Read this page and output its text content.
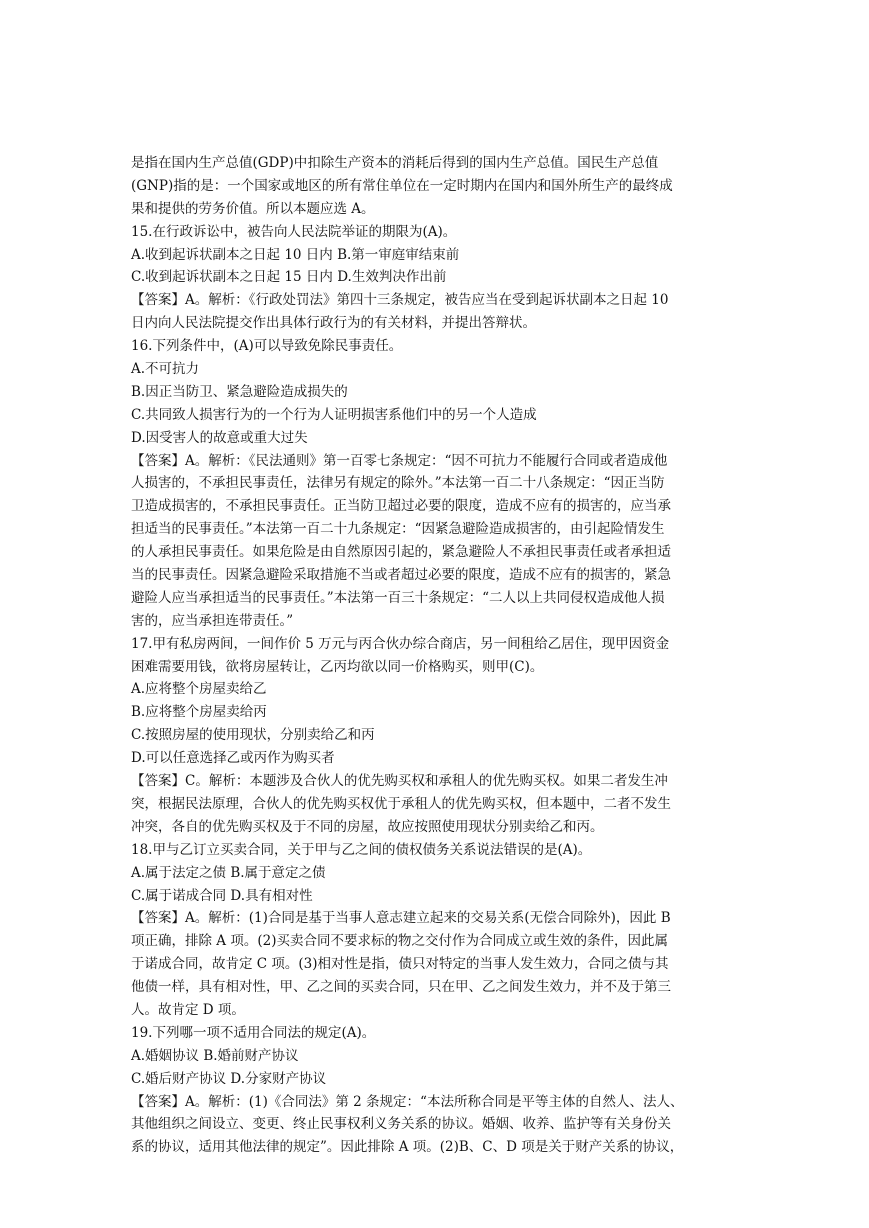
是指在国内生产总值(GDP)中扣除生产资本的消耗后得到的国内生产总值。国民生产总值
(GNP)指的是：一个国家或地区的所有常住单位在一定时期内在国内和国外所生产的最终成
果和提供的劳务价值。所以本题应选 A。
15.在行政诉讼中，被告向人民法院举证的期限为(A)。
A.收到起诉状副本之日起 10 日内 B.第一审庭审结束前
C.收到起诉状副本之日起 15 日内 D.生效判决作出前
【答案】A。解析：《行政处罚法》第四十三条规定，被告应当在受到起诉状副本之日起 10
日内向人民法院提交作出具体行政行为的有关材料，并提出答辩状。
16.下列条件中，(A)可以导致免除民事责任。
A.不可抗力
B.因正当防卫、紧急避险造成损失的
C.共同致人损害行为的一个行为人证明损害系他们中的另一个人造成
D.因受害人的故意或重大过失
【答案】A。解析：《民法通则》第一百零七条规定：“因不可抗力不能履行合同或者造成他
人损害的，不承担民事责任，法律另有规定的除外。”本法第一百二十八条规定：“因正当防
卫造成损害的，不承担民事责任。正当防卫超过必要的限度，造成不应有的损害的，应当承
担适当的民事责任。”本法第一百二十九条规定：“因紧急避险造成损害的，由引起险情发生
的人承担民事责任。如果危险是由自然原因引起的，紧急避险人不承担民事责任或者承担适
当的民事责任。因紧急避险采取措施不当或者超过必要的限度，造成不应有的损害的，紧急
避险人应当承担适当的民事责任。”本法第一百三十条规定：“二人以上共同侵权造成他人损
害的，应当承担连带责任。”
17.甲有私房两间，一间作价 5 万元与丙合伙办综合商店，另一间租给乙居住，现甲因资金
困难需要用钱，欲将房屋转让，乙丙均欲以同一价格购买，则甲(C)。
A.应将整个房屋卖给乙
B.应将整个房屋卖给丙
C.按照房屋的使用现状，分别卖给乙和丙
D.可以任意选择乙或丙作为购买者
【答案】C。解析：本题涉及合伙人的优先购买权和承租人的优先购买权。如果二者发生冲
突，根据民法原理，合伙人的优先购买权优于承租人的优先购买权，但本题中，二者不发生
冲突，各自的优先购买权及于不同的房屋，故应按照使用现状分别卖给乙和丙。
18.甲与乙订立买卖合同，关于甲与乙之间的债权债务关系说法错误的是(A)。
A.属于法定之债 B.属于意定之债
C.属于诺成合同 D.具有相对性
【答案】A。解析：(1)合同是基于当事人意志建立起来的交易关系(无偿合同除外)，因此 B
项正确，排除 A 项。(2)买卖合同不要求标的物之交付作为合同成立或生效的条件，因此属
于诺成合同，故肯定 C 项。(3)相对性是指，债只对特定的当事人发生效力，合同之债与其
他债一样，具有相对性，甲、乙之间的买卖合同，只在甲、乙之间发生效力，并不及于第三
人。故肯定 D 项。
19.下列哪一项不适用合同法的规定(A)。
A.婚姻协议 B.婚前财产协议
C.婚后财产协议 D.分家财产协议
【答案】A。解析：(1)《合同法》第 2 条规定：“本法所称合同是平等主体的自然人、法人、
其他组织之间设立、变更、终止民事权利义务关系的协议。婚姻、收养、监护等有关身份关
系的协议，适用其他法律的规定”。因此排除 A 项。(2)B、C、D 项是关于财产关系的协议，
